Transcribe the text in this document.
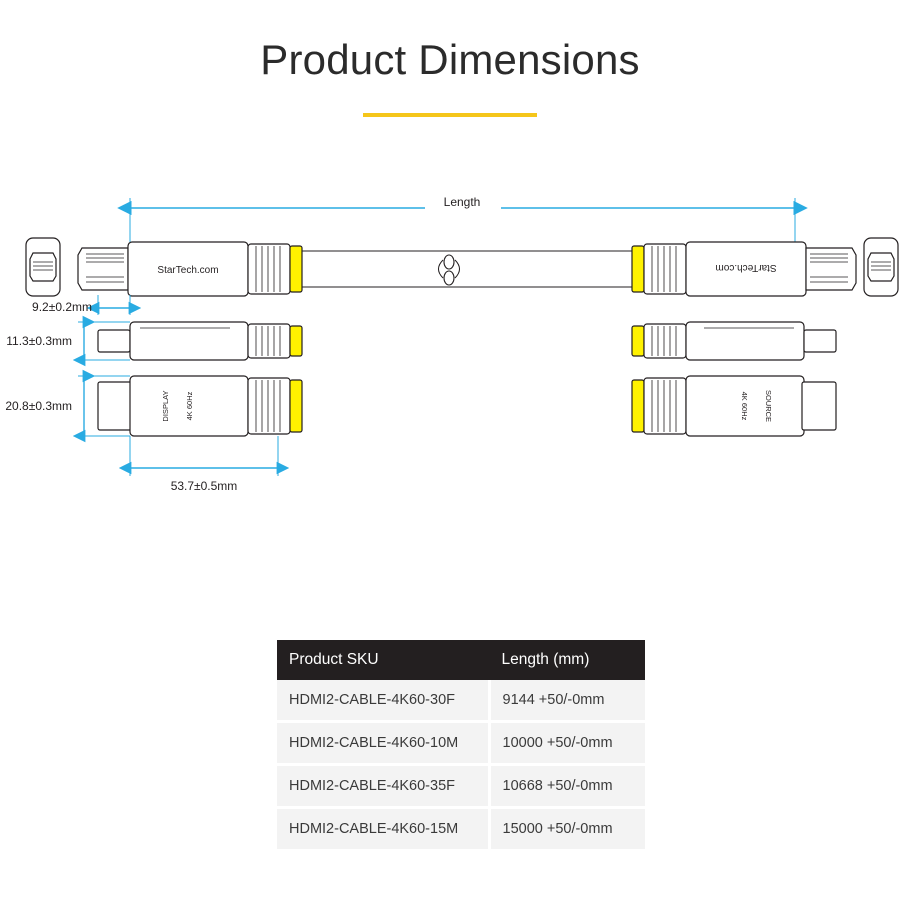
Product Dimensions
Length
StarTech.com	StarTech.com
9.2±0.2mm
11.3±0.3mm
DISPLAY 4K 60Hz	SOURCE
4K 60Hz
20.8±0.3mm
53.7±0.5mm
Product SKU	Length (mm)
HDMI2-CABLE-4K60-30F	9144 +50/-0mm
HDMI2-CABLE-4K60-10M	10000 +50/-0mm
HDMI2-CABLE-4K60-35F	10668 +50/-0mm
HDMI2-CABLE-4K60-15M	15000 +50/-0mm
